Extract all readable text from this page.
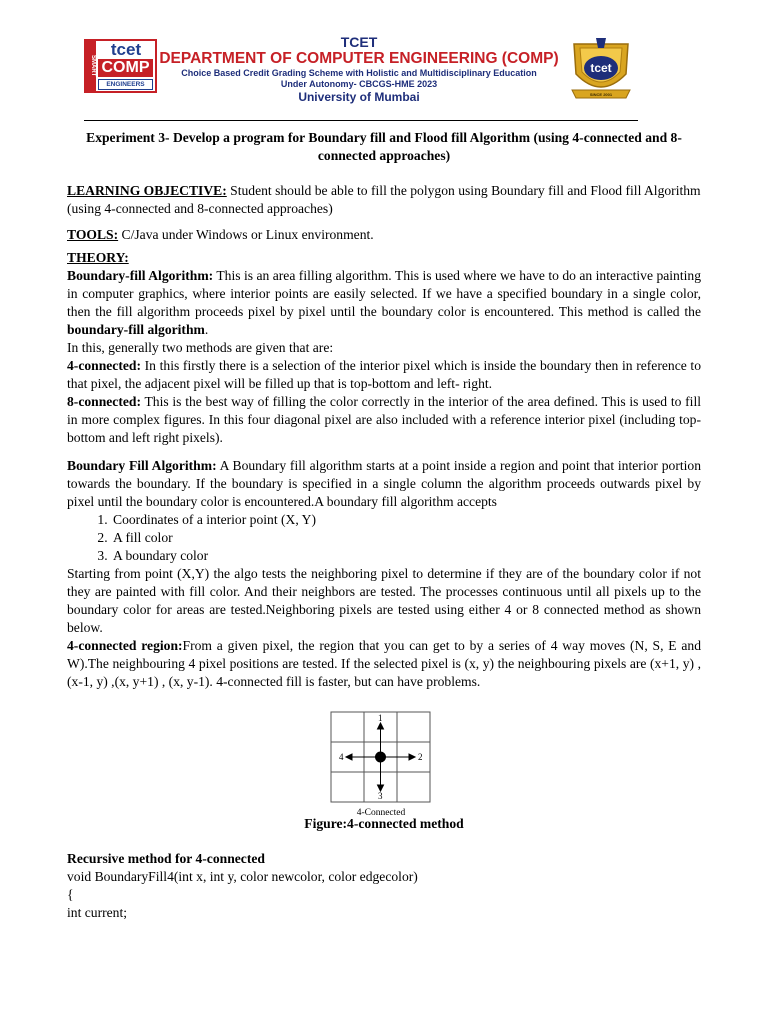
SMART
tcet
COMP
ENGINEERS
TCET
DEPARTMENT OF COMPUTER ENGINEERING (COMP)
Choice Based Credit Grading Scheme with Holistic and Multidisciplinary Education
Under Autonomy- CBCGS-HME 2023
University of Mumbai
tcet
SINCE 2001
Experiment 3- Develop a program for Boundary fill and Flood fill Algorithm (using 4-connected and 8-connected approaches)

LEARNING OBJECTIVE: Student should be able to fill the polygon using Boundary fill and Flood fill Algorithm (using 4-connected and 8-connected approaches)

TOOLS: C/Java under Windows or Linux environment.

THEORY:

Boundary-fill Algorithm: This is an area filling algorithm. This is used where we have to do an interactive painting in computer graphics, where interior points are easily selected. If we have a specified boundary in a single color, then the fill algorithm proceeds pixel by pixel until the boundary color is encountered. This method is called the boundary-fill algorithm.

In this, generally two methods are given that are:

4-connected: In this firstly there is a selection of the interior pixel which is inside the boundary then in reference to that pixel, the adjacent pixel will be filled up that is top-bottom and left- right.

8-connected: This is the best way of filling the color correctly in the interior of the area defined. This is used to fill in more complex figures. In this four diagonal pixel are also included with a reference interior pixel (including top-bottom and left right pixels).

Boundary Fill Algorithm: A Boundary fill algorithm starts at a point inside a region and point that interior portion towards the boundary. If the boundary is specified in a single column the algorithm proceeds outwards pixel by pixel until the boundary color is encountered.A boundary fill algorithm accepts

1. Coordinates of a interior point (X, Y)
2. A fill color
3. A boundary color

Starting from point (X,Y) the algo tests the neighboring pixel to determine if they are of the boundary color if not they are painted with fill color. And their neighbors are tested. The processes continuous until all pixels up to the boundary color for areas are tested.Neighboring pixels are tested using either 4 or 8 connected method as shown below.

4-connected region:From a given pixel, the region that you can get to by a series of 4 way moves (N, S, E and W).The neighbouring 4 pixel positions are tested. If the selected pixel is (x, y) the neighbouring pixels are (x+1, y) , (x-1, y) ,(x, y+1) , (x, y-1). 4-connected fill is faster, but can have problems.

1
2
3
4
4-Connected
Figure:4-connected method

Recursive method for 4-connected

void BoundaryFill4(int x, int y, color newcolor, color edgecolor)

{

int current;
